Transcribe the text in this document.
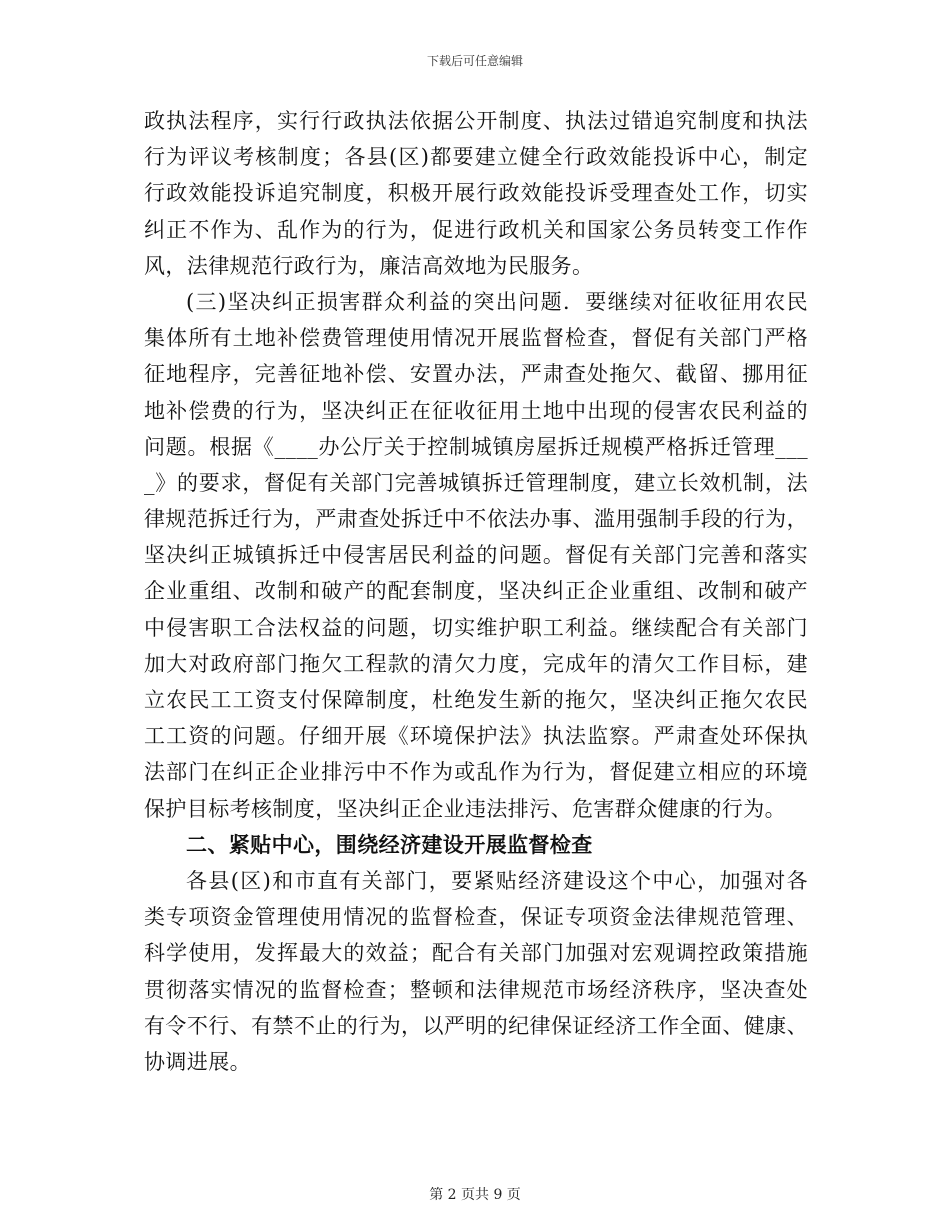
下载后可任意编辑
政执法程序，实行行政执法依据公开制度、执法过错追究制度和执法
行为评议考核制度；各县(区)都要建立健全行政效能投诉中心，制定
行政效能投诉追究制度，积极开展行政效能投诉受理查处工作，切实
纠正不作为、乱作为的行为，促进行政机关和国家公务员转变工作作
风，法律规范行政行为，廉洁高效地为民服务。
(三)坚决纠正损害群众利益的突出问题．要继续对征收征用农民
集体所有土地补偿费管理使用情况开展监督检查，督促有关部门严格
征地程序，完善征地补偿、安置办法，严肃查处拖欠、截留、挪用征
地补偿费的行为，坚决纠正在征收征用土地中出现的侵害农民利益的
问题。根据《____办公厅关于控制城镇房屋拆迁规模严格拆迁管理___
_》的要求，督促有关部门完善城镇拆迁管理制度，建立长效机制，法
律规范拆迁行为，严肃查处拆迁中不依法办事、滥用强制手段的行为，
坚决纠正城镇拆迁中侵害居民利益的问题。督促有关部门完善和落实
企业重组、改制和破产的配套制度，坚决纠正企业重组、改制和破产
中侵害职工合法权益的问题，切实维护职工利益。继续配合有关部门
加大对政府部门拖欠工程款的清欠力度，完成年的清欠工作目标，建
立农民工工资支付保障制度，杜绝发生新的拖欠，坚决纠正拖欠农民
工工资的问题。仔细开展《环境保护法》执法监察。严肃查处环保执
法部门在纠正企业排污中不作为或乱作为行为，督促建立相应的环境
保护目标考核制度，坚决纠正企业违法排污、危害群众健康的行为。
二、紧贴中心，围绕经济建设开展监督检查
各县(区)和市直有关部门，要紧贴经济建设这个中心，加强对各
类专项资金管理使用情况的监督检查，保证专项资金法律规范管理、
科学使用，发挥最大的效益；配合有关部门加强对宏观调控政策措施
贯彻落实情况的监督检查；整顿和法律规范市场经济秩序，坚决查处
有令不行、有禁不止的行为，以严明的纪律保证经济工作全面、健康、
协调进展。
第 2 页共 9 页
